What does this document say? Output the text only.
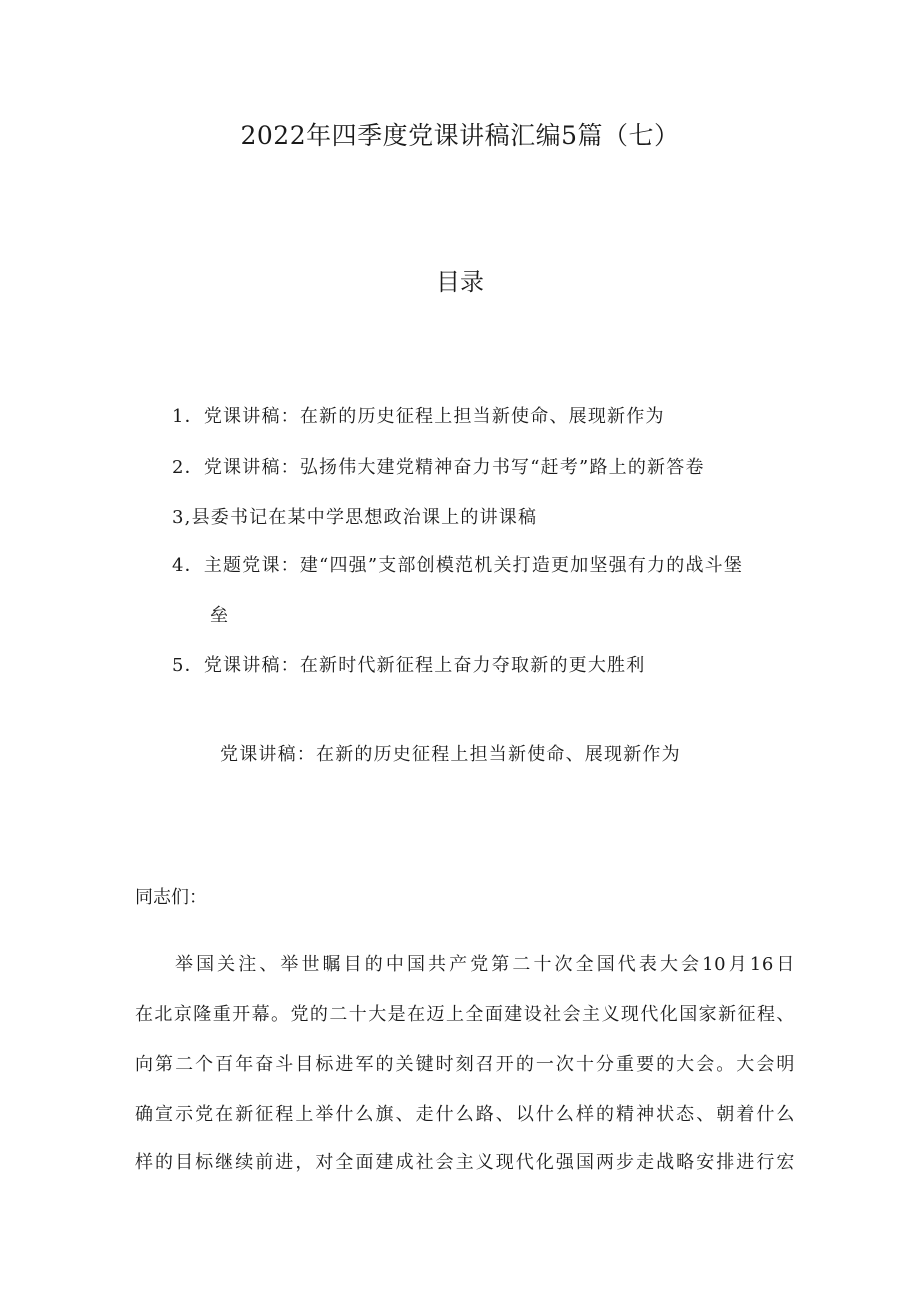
2022年四季度党课讲稿汇编5篇（七）
目录
1．党课讲稿：在新的历史征程上担当新使命、展现新作为
2．党课讲稿：弘扬伟大建党精神奋力书写“赶考”路上的新答卷
3,县委书记在某中学思想政治课上的讲课稿
4．主题党课：建“四强”支部创模范机关打造更加坚强有力的战斗堡
垒
5．党课讲稿：在新时代新征程上奋力夺取新的更大胜利
党课讲稿：在新的历史征程上担当新使命、展现新作为
同志们：
举国关注、举世瞩目的中国共产党第二十次全国代表大会10月16日
在北京隆重开幕。党的二十大是在迈上全面建设社会主义现代化国家新征程、
向第二个百年奋斗目标进军的关键时刻召开的一次十分重要的大会。大会明
确宣示党在新征程上举什么旗、走什么路、以什么样的精神状态、朝着什么
样的目标继续前进，对全面建成社会主义现代化强国两步走战略安排进行宏
